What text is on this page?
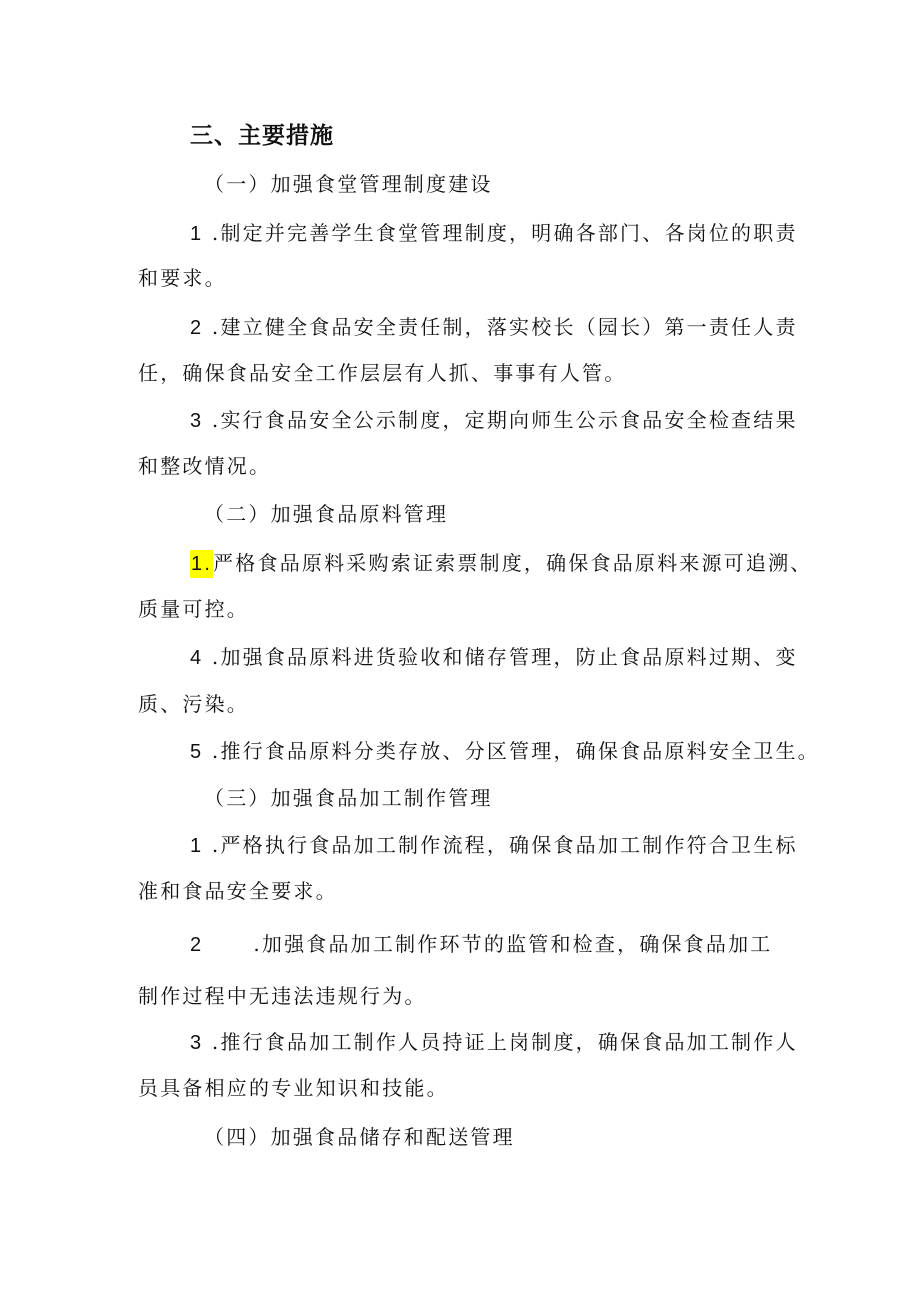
三、主要措施
（一）加强食堂管理制度建设
1 .制定并完善学生食堂管理制度，明确各部门、各岗位的职责
和要求。
2 .建立健全食品安全责任制，落实校长（园长）第一责任人责
任，确保食品安全工作层层有人抓、事事有人管。
3 .实行食品安全公示制度，定期向师生公示食品安全检查结果
和整改情况。
（二）加强食品原料管理
1.严格食品原料采购索证索票制度，确保食品原料来源可追溯、
质量可控。
4 .加强食品原料进货验收和储存管理，防止食品原料过期、变
质、污染。
5 .推行食品原料分类存放、分区管理，确保食品原料安全卫生。
（三）加强食品加工制作管理
1 .严格执行食品加工制作流程，确保食品加工制作符合卫生标
准和食品安全要求。
2	.加强食品加工制作环节的监管和检查，确保食品加工
制作过程中无违法违规行为。
3 .推行食品加工制作人员持证上岗制度，确保食品加工制作人
员具备相应的专业知识和技能。
（四）加强食品储存和配送管理
